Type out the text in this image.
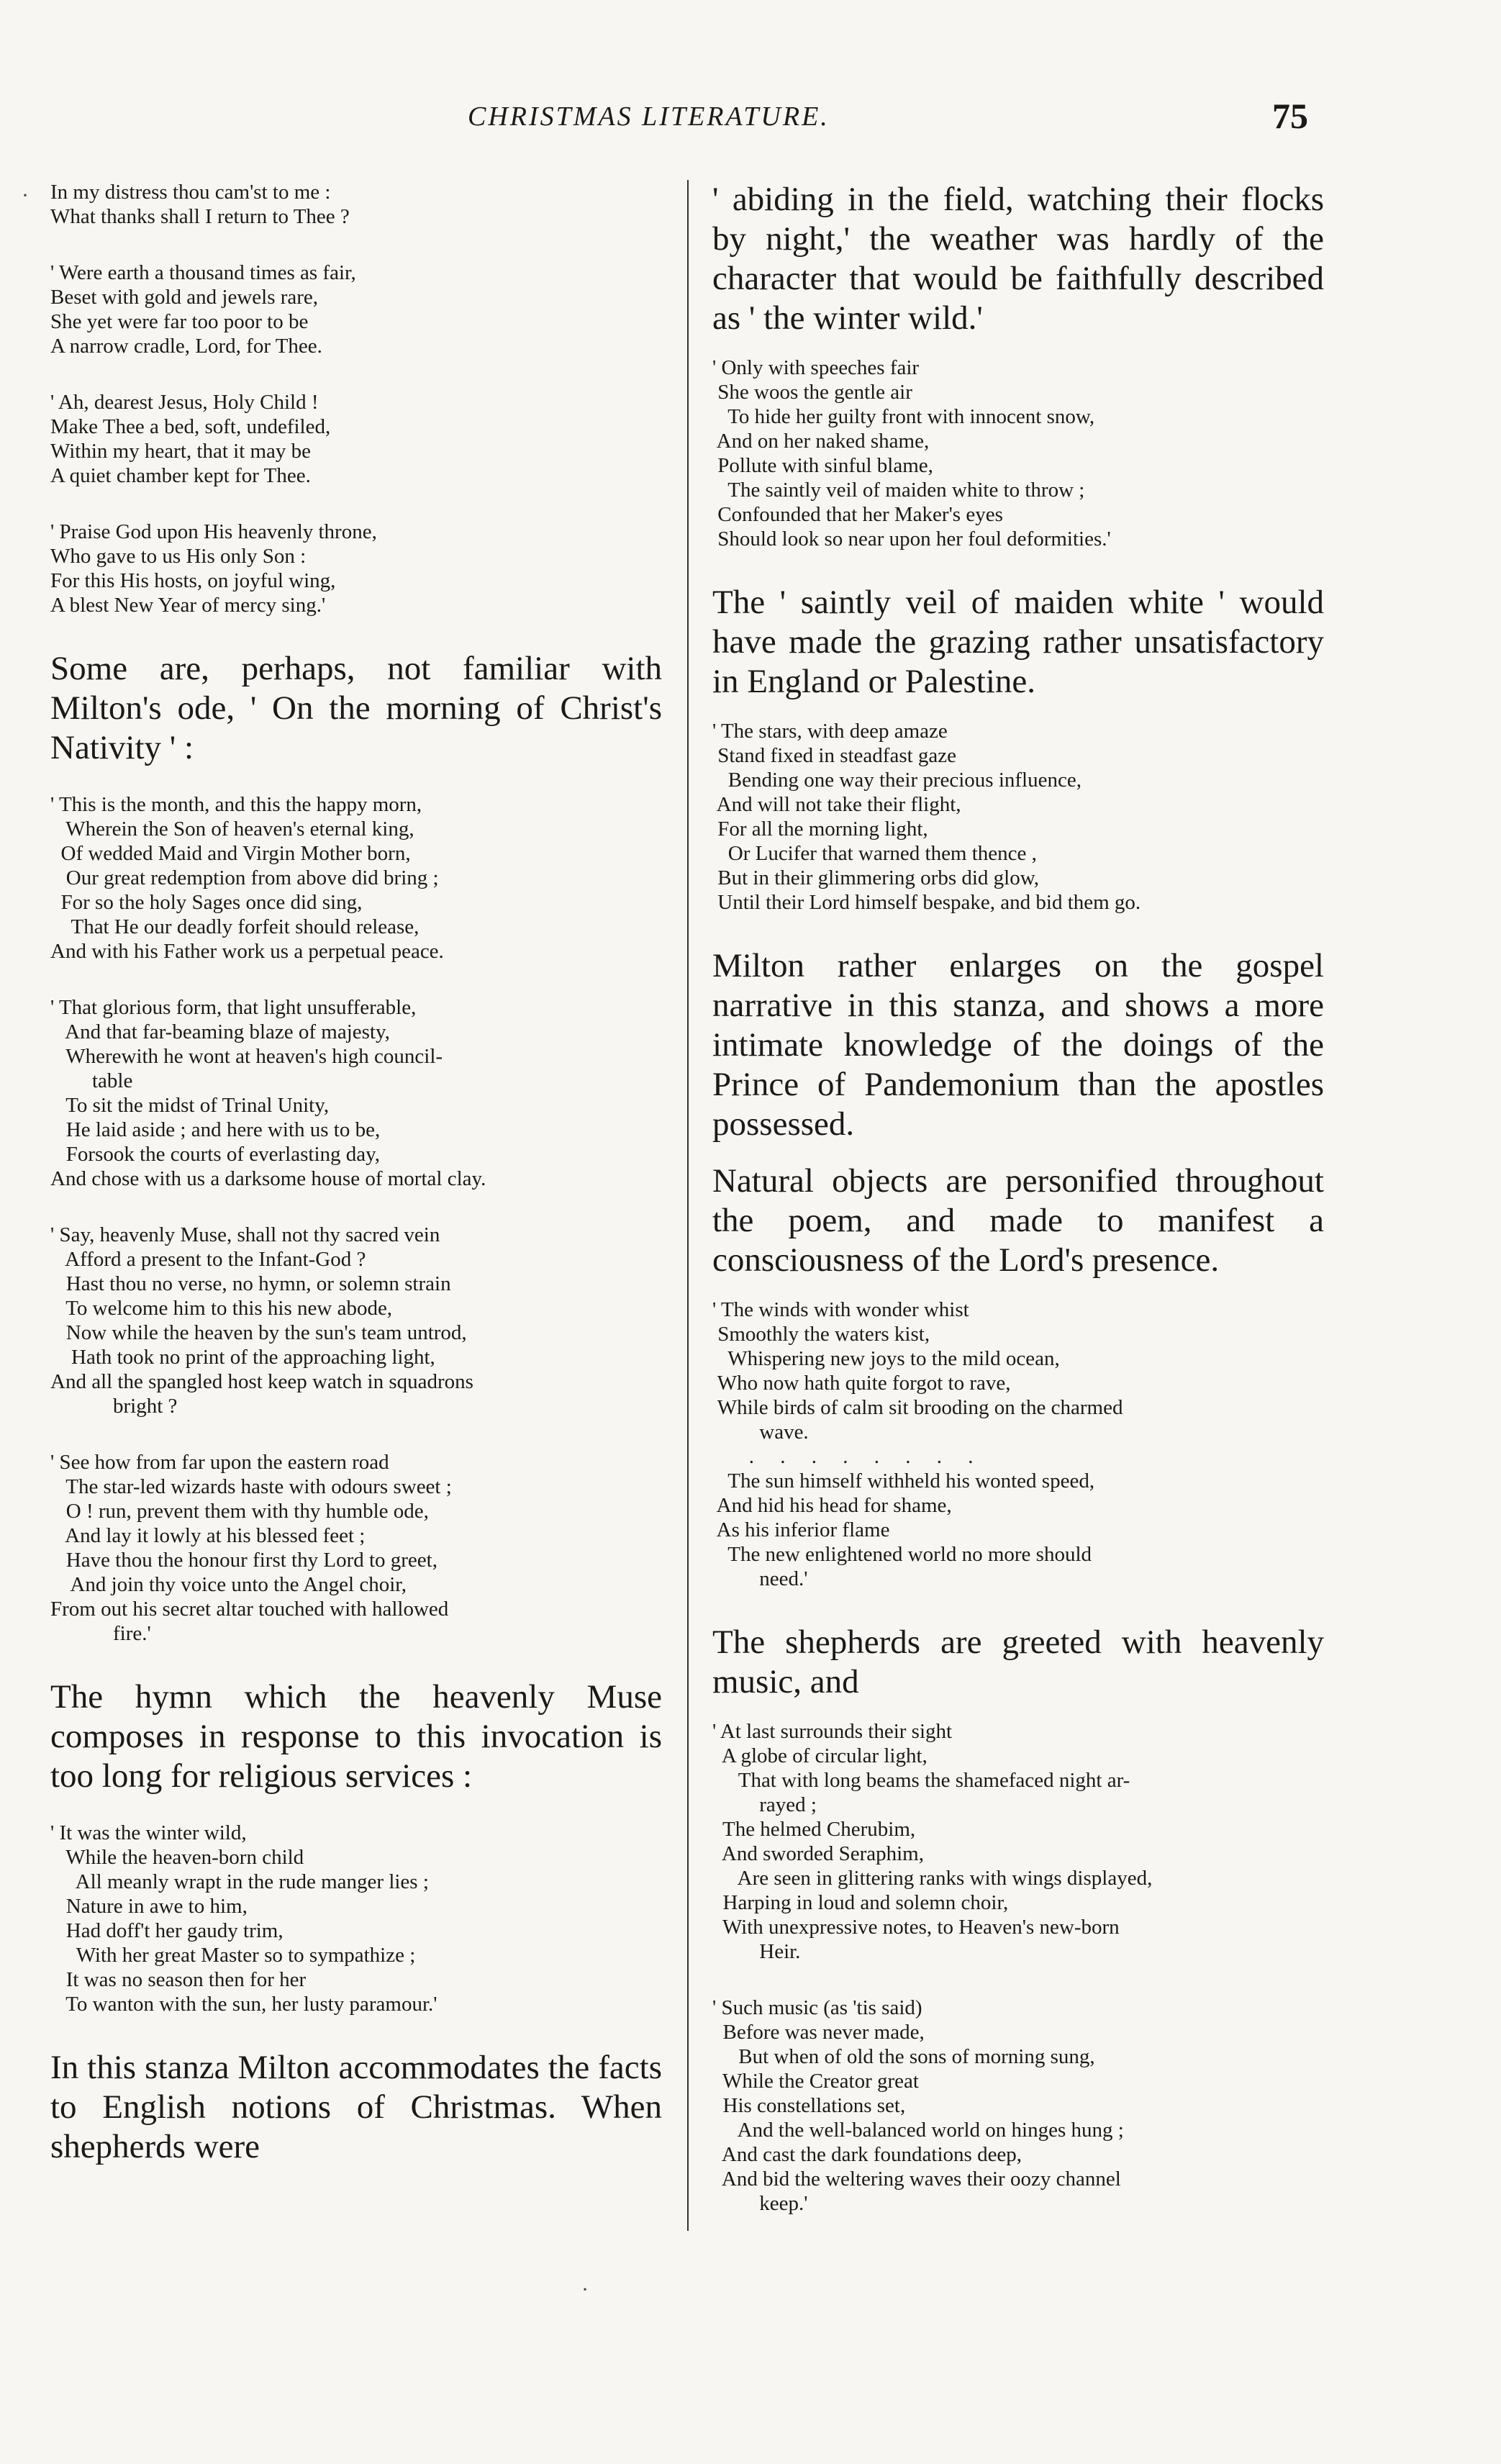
CHRISTMAS LITERATURE.	75
·
·
In my distress thou cam'st to me :
What thanks shall I return to Thee ?
' Were earth a thousand times as fair,
Beset with gold and jewels rare,
She yet were far too poor to be
A narrow cradle, Lord, for Thee.
' Ah, dearest Jesus, Holy Child !
Make Thee a bed, soft, undefiled,
Within my heart, that it may be
A quiet chamber kept for Thee.
' Praise God upon His heavenly throne,
Who gave to us His only Son :
For this His hosts, on joyful wing,
A blest New Year of mercy sing.'

Some are, perhaps, not familiar with Milton's ode, ' On the morning of Christ's Nativity ' :

' This is the month, and this the happy morn,
Wherein the Son of heaven's eternal king,
Of wedded Maid and Virgin Mother born,
Our great redemption from above did bring ;
For so the holy Sages once did sing,
That He our deadly forfeit should release,
And with his Father work us a perpetual peace.
' That glorious form, that light unsufferable,
And that far-beaming blaze of majesty,
Wherewith he wont at heaven's high council-
table
To sit the midst of Trinal Unity,
He laid aside ; and here with us to be,
Forsook the courts of everlasting day,
And chose with us a darksome house of mortal clay.
' Say, heavenly Muse, shall not thy sacred vein
Afford a present to the Infant-God ?
Hast thou no verse, no hymn, or solemn strain
To welcome him to this his new abode,
Now while the heaven by the sun's team untrod,
Hath took no print of the approaching light,
And all the spangled host keep watch in squadrons
bright ?
' See how from far upon the eastern road
The star-led wizards haste with odours sweet ;
O ! run, prevent them with thy humble ode,
And lay it lowly at his blessed feet ;
Have thou the honour first thy Lord to greet,
And join thy voice unto the Angel choir,
From out his secret altar touched with hallowed
fire.'

The hymn which the heavenly Muse composes in response to this invocation is too long for religious services :

' It was the winter wild,
While the heaven-born child
All meanly wrapt in the rude manger lies ;
Nature in awe to him,
Had doff't her gaudy trim,
With her great Master so to sympathize ;
It was no season then for her
To wanton with the sun, her lusty paramour.'

In this stanza Milton accommodates the facts to English notions of Christmas. When shepherds were

' abiding in the field, watching their flocks by night,' the weather was hardly of the character that would be faithfully described as ' the winter wild.'

' Only with speeches fair
She woos the gentle air
To hide her guilty front with innocent snow,
And on her naked shame,
Pollute with sinful blame,
The saintly veil of maiden white to throw ;
Confounded that her Maker's eyes
Should look so near upon her foul deformities.'

The ' saintly veil of maiden white ' would have made the grazing rather unsatisfactory in England or Palestine.

' The stars, with deep amaze
Stand fixed in steadfast gaze
Bending one way their precious influence,
And will not take their flight,
For all the morning light,
Or Lucifer that warned them thence ,
But in their glimmering orbs did glow,
Until their Lord himself bespake, and bid them go.

Milton rather enlarges on the gospel narrative in this stanza, and shows a more intimate knowledge of the doings of the Prince of Pandemonium than the apostles possessed.

Natural objects are personified throughout the poem, and made to manifest a consciousness of the Lord's presence.

' The winds with wonder whist
Smoothly the waters kist,
Whispering new joys to the mild ocean,
Who now hath quite forgot to rave,
While birds of calm sit brooding on the charmed
wave.
.     .     .     .     .     .     .     .
The sun himself withheld his wonted speed,
And hid his head for shame,
As his inferior flame
The new enlightened world no more should
need.'

The shepherds are greeted with heavenly music, and

' At last surrounds their sight
A globe of circular light,
That with long beams the shamefaced night ar-
rayed ;
The helmed Cherubim,
And sworded Seraphim,
Are seen in glittering ranks with wings displayed,
Harping in loud and solemn choir,
With unexpressive notes, to Heaven's new-born
Heir.
' Such music (as 'tis said)
Before was never made,
But when of old the sons of morning sung,
While the Creator great
His constellations set,
And the well-balanced world on hinges hung ;
And cast the dark foundations deep,
And bid the weltering waves their oozy channel
keep.'
